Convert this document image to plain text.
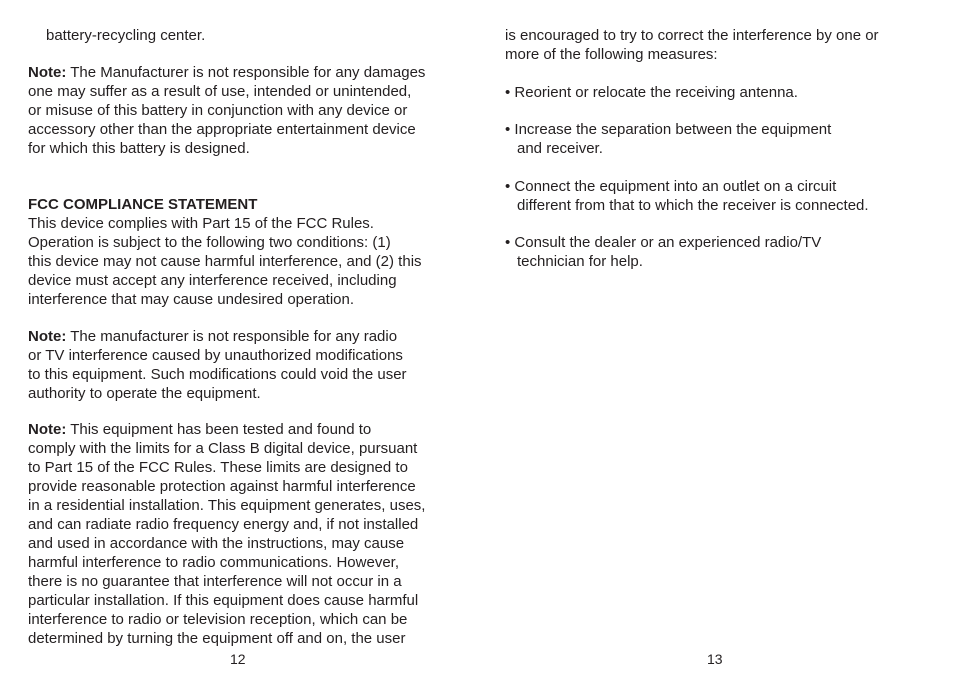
battery-recycling center.
Note: The Manufacturer is not responsible for any damages
one may suffer as a result of use, intended or unintended,
or misuse of this battery in conjunction with any device or
accessory other than the appropriate entertainment device
for which this battery is designed.
FCC COMPLIANCE STATEMENT
This device complies with Part 15 of the FCC Rules.
Operation is subject to the following two conditions: (1)
this device may not cause harmful interference, and (2) this
device must accept any interference received, including
interference that may cause undesired operation.
Note: The manufacturer is not responsible for any radio
or TV interference caused by unauthorized modifications
to this equipment. Such modifications could void the user
authority to operate the equipment.
Note: This equipment has been tested and found to
comply with the limits for a Class B digital device, pursuant
to Part 15 of the FCC Rules. These limits are designed to
provide reasonable protection against harmful interference
in a residential installation. This equipment generates, uses,
and can radiate radio frequency energy and, if not installed
and used in accordance with the instructions, may cause
harmful interference to radio communications. However,
there is no guarantee that interference will not occur in a
particular installation. If this equipment does cause harmful
interference to radio or television reception, which can be
determined by turning the equipment off and on, the user
12
is encouraged to try to correct the interference by one or
more of the following measures:
• Reorient or relocate the receiving antenna.
• Increase the separation between the equipment
and receiver.
• Connect the equipment into an outlet on a circuit
different from that to which the receiver is connected.
• Consult the dealer or an experienced radio/TV
technician for help.
13
